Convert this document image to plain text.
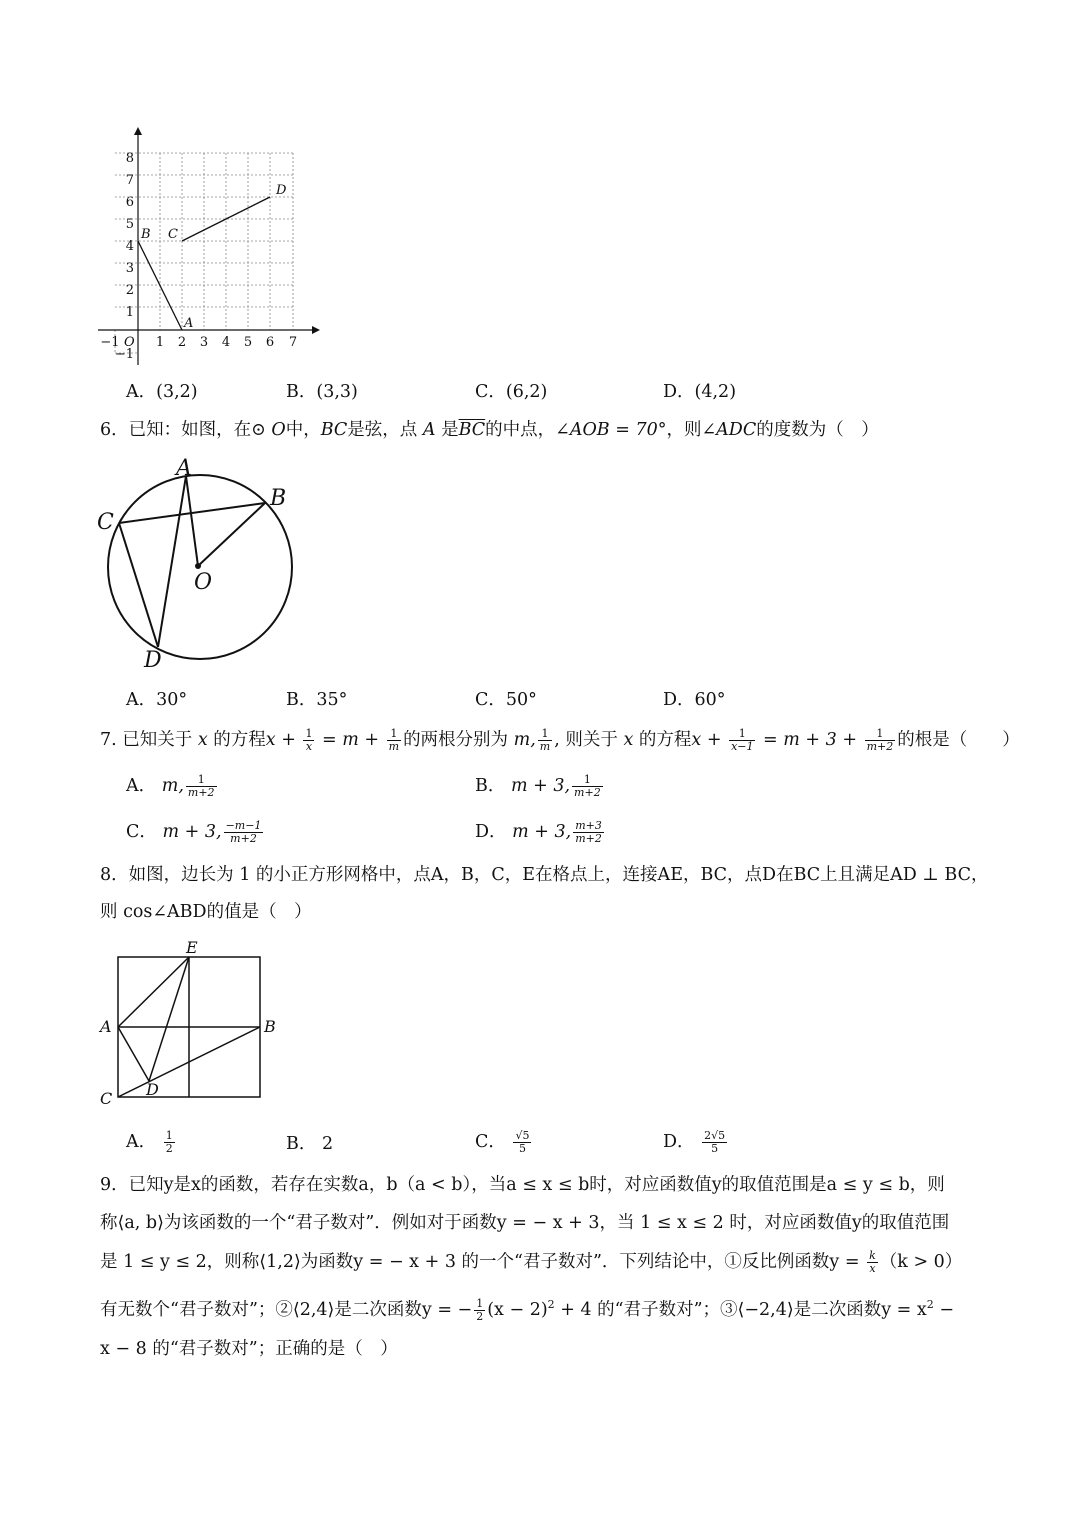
1
2
3
4
5
6
7
8
−1
1 2 3 4 5 6 7
−1 O
B C
D
A
A．(3,2)	B．(3,3)	C．(6,2)	D．(4,2)
6．已知：如图，在⊙ O中，BC是弦，点 A 是$\overline{BC}$的中点，∠AOB = 70°，则∠ADC的度数为（　）
A
B
C
D
O
A．30°	B．35°	C．50°	D．60°
7. 已知关于 x 的方程$x + \frac{1}{x} = m + \frac{1}{m}$ 的两根分别为 m, $\frac{1}{m}$ , 则关于 x 的方程$x + \frac{1}{x-1} = m + 3 + \frac{1}{m+2}$ 的根是（　　）
A． m, $\frac{1}{m+2}$	B． m + 3, $\frac{1}{m+2}$
C． m + 3, $\frac{-m-1}{m+2}$	D． m + 3, $\frac{m+3}{m+2}$
8．如图，边长为 1 的小正方形网格中，点A，B，C，E在格点上，连接AE，BC，点D在BC上且满足AD ⊥ BC，
则 cos∠ABD的值是（　）
E
A	B
C D
A． $\frac{1}{2}$	B． 2	C． $\frac{√5}{5}$	D． $\frac{2√5}{5}$
9．已知y是x的函数，若存在实数a，b（a < b），当a ≤ x ≤ b时，对应函数值y的取值范围是a ≤ y ≤ b，则
称⟨a, b⟩为该函数的一个“君子数对”．例如对于函数y = − x + 3，当 1 ≤ x ≤ 2 时，对应函数值y的取值范围
是 1 ≤ y ≤ 2，则称⟨1,2⟩为函数y = − x + 3 的一个“君子数对”．下列结论中，①反比例函数$y = \frac{k}{x} (k > 0)$
有无数个“君子数对”；②⟨2,4⟩是二次函数y = − $\frac{1}{2} (x - 2)^2 + 4$ 的“君子数对”；③⟨−2,4⟩是二次函数$y = x^2$ −
x − 8 的“君子数对”；正确的是（　）
